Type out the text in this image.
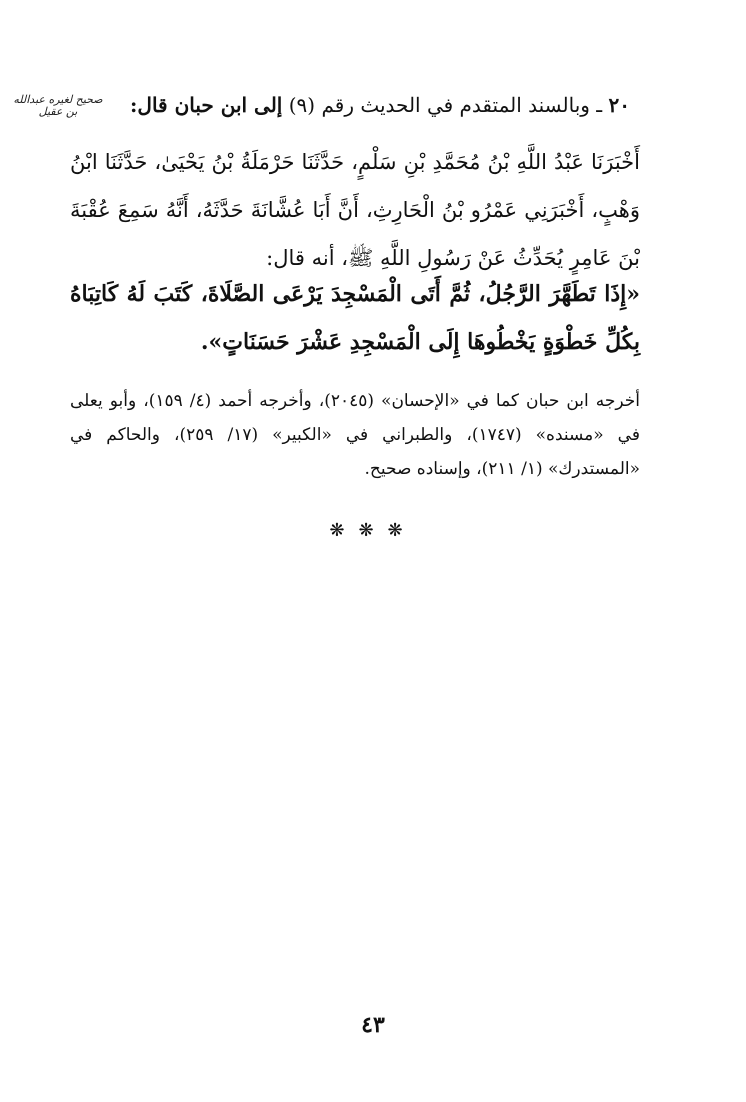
٢٠ ـ وبالسند المتقدم في الحديث رقم (٩) إلى ابن حبان قال:
صحيح لغيره عبدالله بن عقيل

أَخْبَرَنَا عَبْدُ اللَّهِ بْنُ مُحَمَّدِ بْنِ سَلْمٍ، حَدَّثَنَا حَرْمَلَةُ بْنُ يَحْيَىٰ، حَدَّثَنَا ابْنُ وَهْبٍ، أَخْبَرَنِي عَمْرُو بْنُ الْحَارِثِ، أَنَّ أَبَا عُشَّانَةَ حَدَّثَهُ، أَنَّهُ سَمِعَ عُقْبَةَ بْنَ عَامِرٍ يُحَدِّثُ عَنْ رَسُولِ اللَّهِ ﷺ، أنه قال:

«إِذَا تَطَهَّرَ الرَّجُلُ، ثُمَّ أَتَى الْمَسْجِدَ يَرْعَى الصَّلَاةَ، كَتَبَ لَهُ كَاتِبَاهُ بِكُلِّ خَطْوَةٍ يَخْطُوهَا إِلَى الْمَسْجِدِ عَشْرَ حَسَنَاتٍ».

أخرجه ابن حبان كما في «الإحسان» (٢٠٤٥)، وأخرجه أحمد (٤/ ١٥٩)، وأبو يعلى في «مسنده» (١٧٤٧)، والطبراني في «الكبير» (١٧/ ٢٥٩)، والحاكم في «المستدرك» (١/ ٢١١)، وإسناده صحيح.

❋❋❋
٤٣
